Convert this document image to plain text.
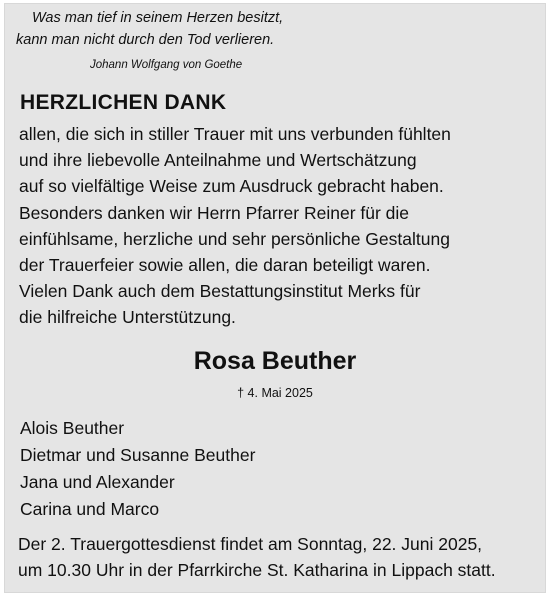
Was man tief in seinem Herzen besitzt,
kann man nicht durch den Tod verlieren.
Johann Wolfgang von Goethe
HERZLICHEN DANK
allen, die sich in stiller Trauer mit uns verbunden fühlten
und ihre liebevolle Anteilnahme und Wertschätzung
auf so vielfältige Weise zum Ausdruck gebracht haben.
Besonders danken wir Herrn Pfarrer Reiner für die
einfühlsame, herzliche und sehr persönliche Gestaltung
der Trauerfeier sowie allen, die daran beteiligt waren.
Vielen Dank auch dem Bestattungsinstitut Merks für
die hilfreiche Unterstützung.
Rosa Beuther
† 4. Mai 2025
Alois Beuther
Dietmar und Susanne Beuther
Jana und Alexander
Carina und Marco
Der 2. Trauergottesdienst findet am Sonntag, 22. Juni 2025,
um 10.30 Uhr in der Pfarrkirche St. Katharina in Lippach statt.
